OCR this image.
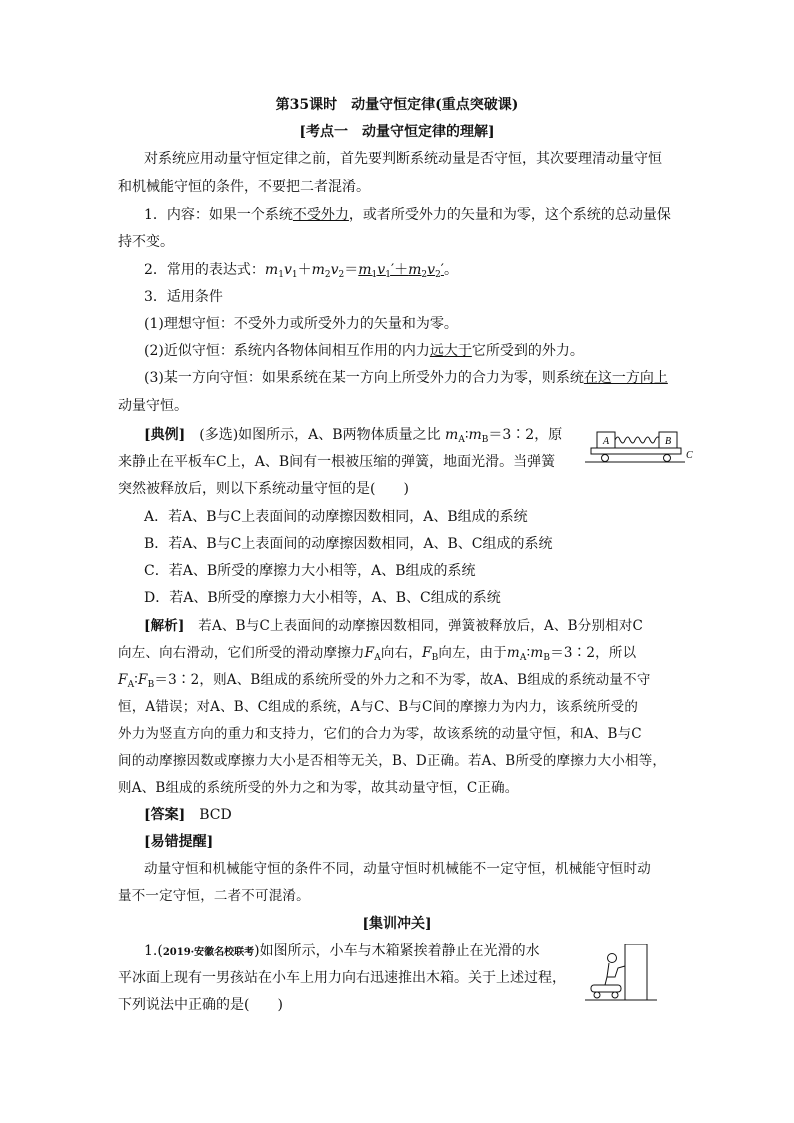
第35课时　动量守恒定律(重点突破课)
[考点一　动量守恒定律的理解]
对系统应用动量守恒定律之前，首先要判断系统动量是否守恒，其次要理清动量守恒
和机械能守恒的条件，不要把二者混淆。
1．内容：如果一个系统不受外力，或者所受外力的矢量和为零，这个系统的总动量保
持不变。
2．常用的表达式：$m_1v_1+m_2v_2=m_1v_1'+m_2v_2'$。
3．适用条件
(1)理想守恒：不受外力或所受外力的矢量和为零。
(2)近似守恒：系统内各物体间相互作用的内力远大于它所受到的外力。
(3)某一方向守恒：如果系统在某一方向上所受外力的合力为零，则系统在这一方向上
动量守恒。
[典例]　 (多选)如图所示，A、B两物体质量之比 $m_A∶m_B=3∶2$，原
来静止在平板车C上，A、B间有一根被压缩的弹簧，地面光滑。当弹簧
突然被释放后，则以下系统动量守恒的是(　　)
A	B
C
A．若A、B与C上表面间的动摩擦因数相同，A、B组成的系统
B．若A、B与C上表面间的动摩擦因数相同，A、B、C组成的系统
C．若A、B所受的摩擦力大小相等，A、B组成的系统
D．若A、B所受的摩擦力大小相等，A、B、C组成的系统
[解析]　 若A、B与C上表面间的动摩擦因数相同，弹簧被释放后，A、B分别相对C
向左、向右滑动，它们所受的滑动摩擦力$F_A$向右，$F_B$向左，由于$m_A∶m_B=3∶2$，所以
$F_A∶F_B=3∶2$，则A、B组成的系统所受的外力之和不为零，故A、B组成的系统动量不守
恒，A错误；对A、B、C组成的系统，A与C、B与C间的摩擦力为内力，该系统所受的
外力为竖直方向的重力和支持力，它们的合力为零，故该系统的动量守恒，和A、B与C
间的动摩擦因数或摩擦力大小是否相等无关，B、D正确。若A、B所受的摩擦力大小相等，
则A、B组成的系统所受的外力之和为零，故其动量守恒，C正确。
[答案]　 BCD
[易错提醒]
动量守恒和机械能守恒的条件不同，动量守恒时机械能不一定守恒，机械能守恒时动
量不一定守恒，二者不可混淆。
[集训冲关]
1.(2019·安徽名校联考)如图所示，小车与木箱紧挨着静止在光滑的水
平冰面上现有一男孩站在小车上用力向右迅速推出木箱。关于上述过程，
下列说法中正确的是(　　)
